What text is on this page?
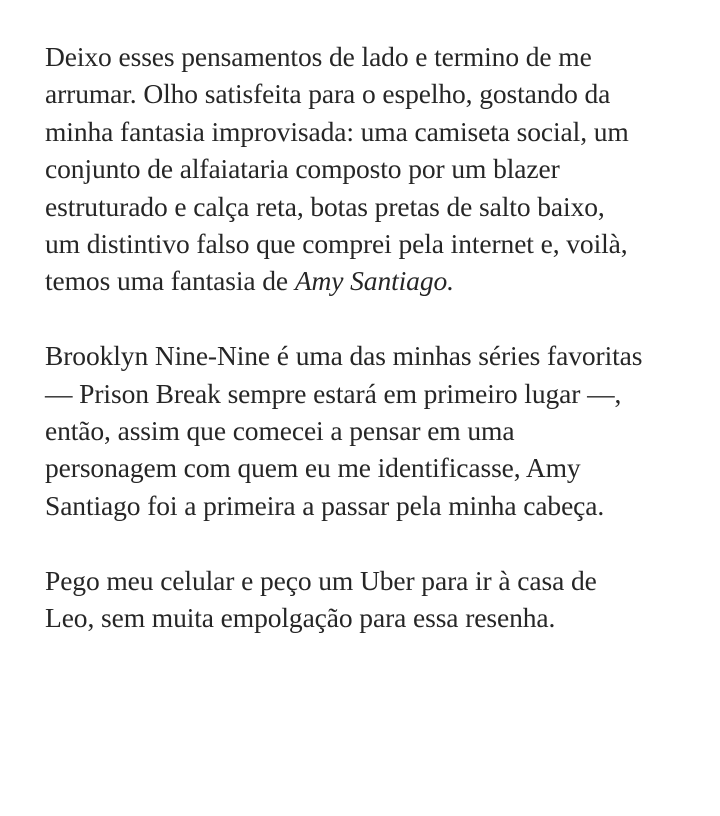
Deixo esses pensamentos de lado e termino de me
arrumar. Olho satisfeita para o espelho, gostando da
minha fantasia improvisada: uma camiseta social, um
conjunto de alfaiataria composto por um blazer
estruturado e calça reta, botas pretas de salto baixo,
um distintivo falso que comprei pela internet e, voilà,
temos uma fantasia de Amy Santiago.

Brooklyn Nine-Nine é uma das minhas séries favoritas
— Prison Break sempre estará em primeiro lugar —,
então, assim que comecei a pensar em uma
personagem com quem eu me identificasse, Amy
Santiago foi a primeira a passar pela minha cabeça.

Pego meu celular e peço um Uber para ir à casa de
Leo, sem muita empolgação para essa resenha.
